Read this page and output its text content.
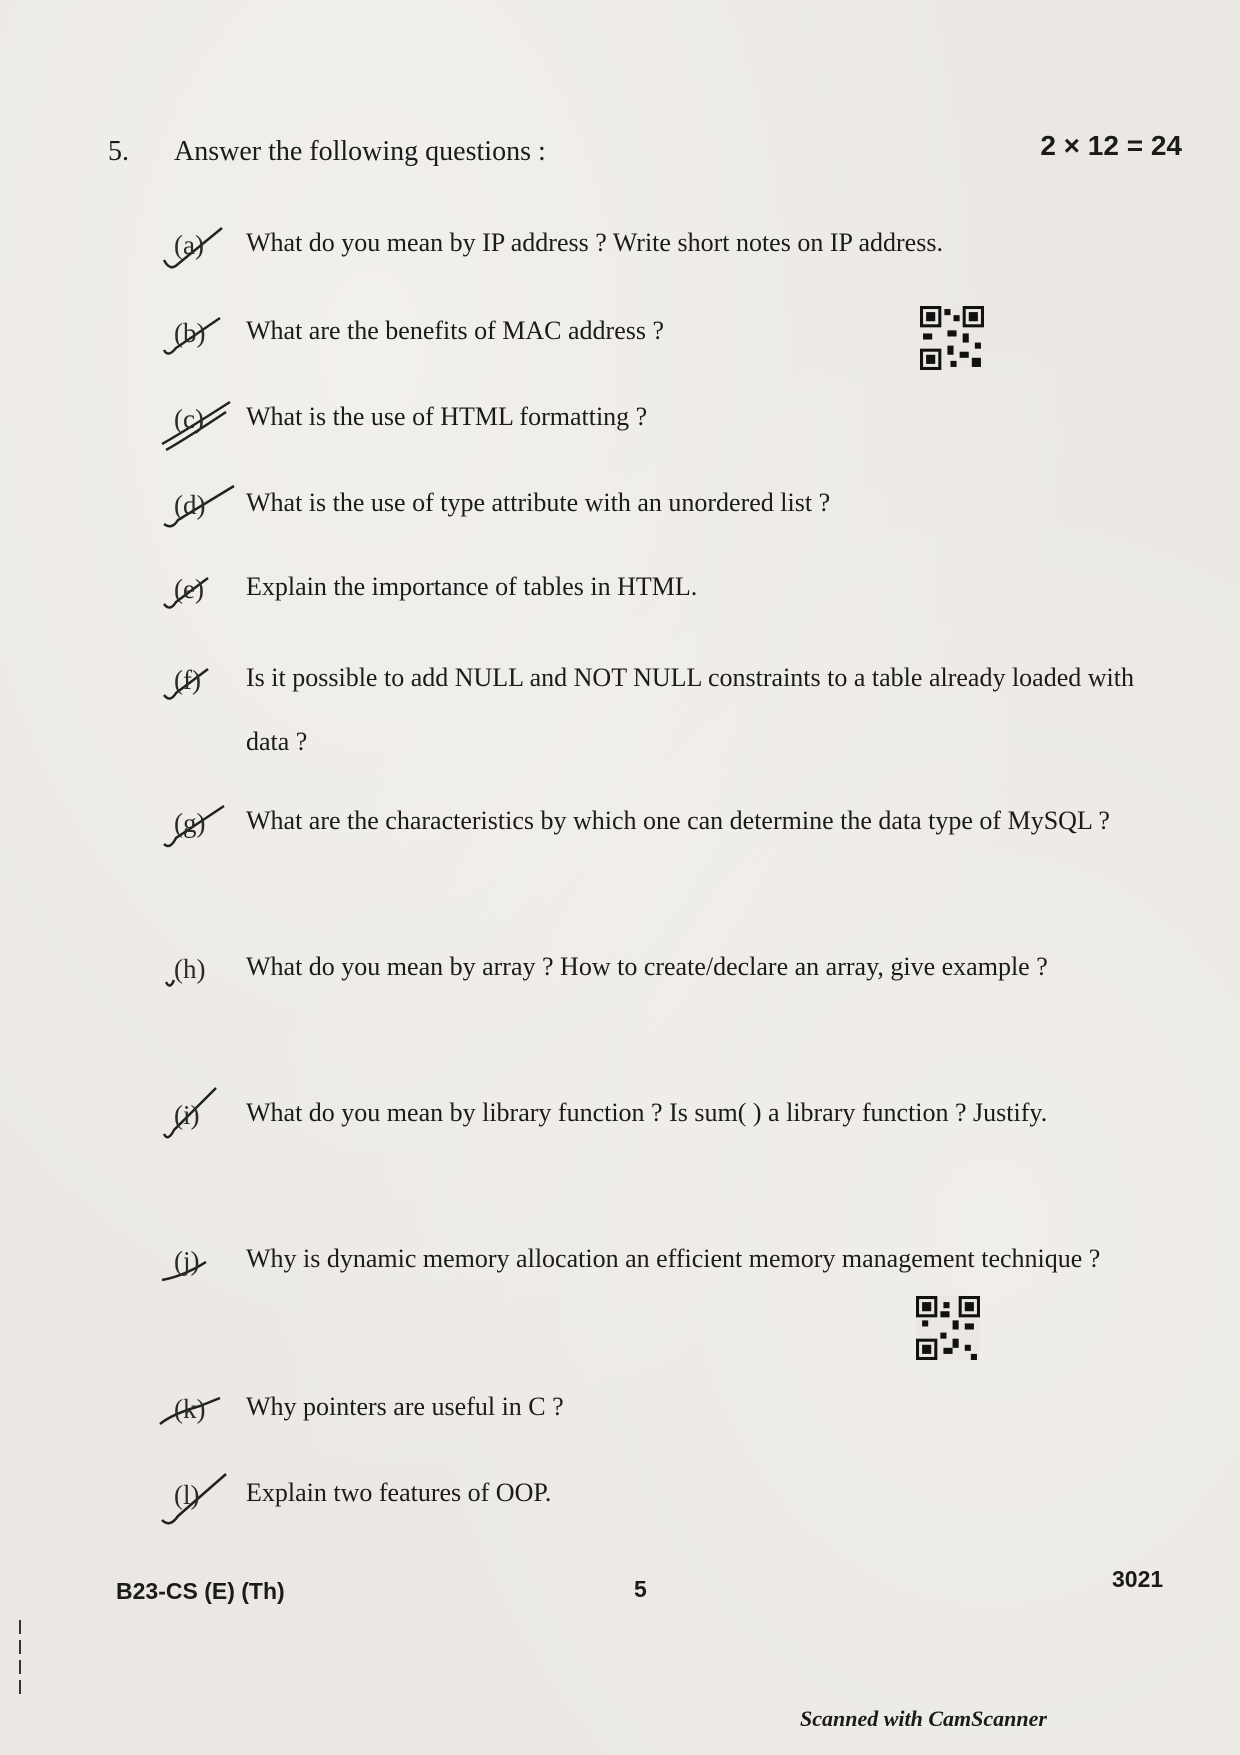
5. Answer the following questions :	2 × 12 = 24
(a) What do you mean by IP address ? Write short notes on IP address.
(b) What are the benefits of MAC address ?
(c) What is the use of HTML formatting ?
(d) What is the use of type attribute with an unordered list ?
(e) Explain the importance of tables in HTML.
(f) Is it possible to add NULL and NOT NULL constraints to a table already loaded with data ?
(g) What are the characteristics by which one can determine the data type of MySQL ?
(h) What do you mean by array ? How to create/declare an array, give example ?
(i) What do you mean by library function ? Is sum( ) a library function ? Justify.
(j) Why is dynamic memory allocation an efficient memory management technique ?
(k) Why pointers are useful in C ?
(l) Explain two features of OOP.
B23-CS (E) (Th)	5	3021
Scanned with CamScanner
